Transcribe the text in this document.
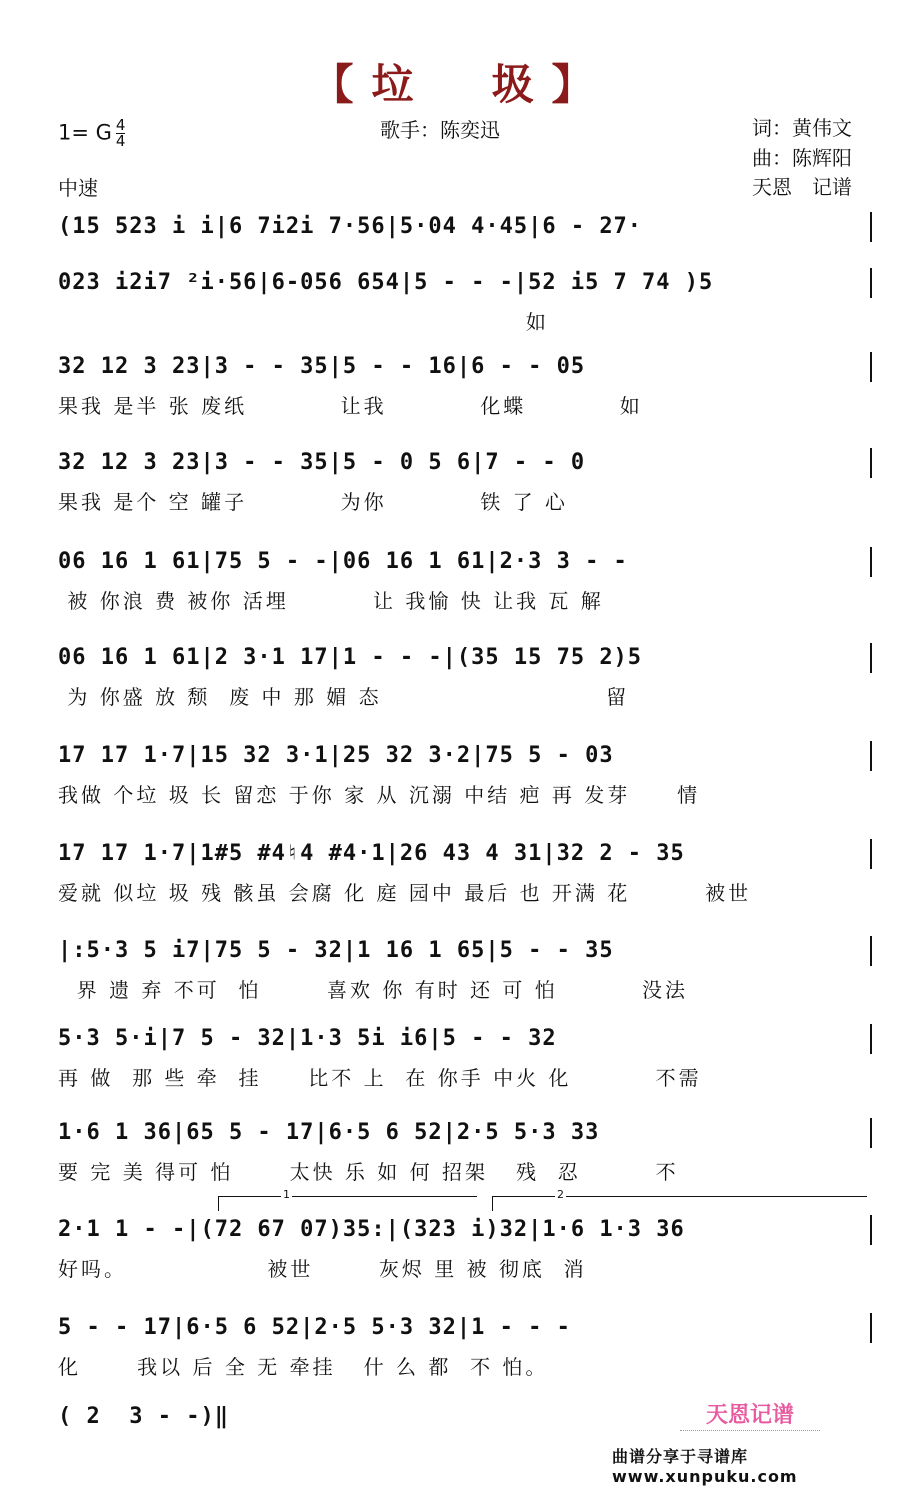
【垃　圾】
1= G $\frac{4}{4}$	歌手：陈奕迅	词：黄伟文
曲：陈辉阳
天恩　记谱
中速
(15 523 i i|6 7i2i 7·56|5·04 4·45|6 - 27·
023 i2i7 ²i·56|6-056 654|5 - - -|52 i5 7 74 )5
如
32 12 3 23|3 - - 35|5 - - 16|6 - - 05
果我 是半 张 废纸          让我          化蝶          如
32 12 3 23|3 - - 35|5 - 0 5 6|7 - - 0
果我 是个 空 罐子          为你          铁 了 心
06 16 1 61|75 5 - -|06 16 1 61|2·3 3 - -
被 你浪 费 被你 活埋         让 我愉 快 让我 瓦 解
06 16 1 61|2 3·1 17|1 - - -|(35 15 75 2)5
为 你盛 放 颓  废 中 那 媚 态                        留
17 17 1·7|15 32 3·1|25 32 3·2|75 5 - 03
我做 个垃 圾 长 留恋 于你 家 从 沉溺 中结 疤 再 发芽     情
17 17 1·7|1#5 #4♮4 #4·1|26 43 4 31|32 2 - 35
爱就 似垃 圾 残 骸虽 会腐 化 庭 园中 最后 也 开满 花        被世
|:5·3 5 i7|75 5 - 32|1 16 1 65|5 - - 35
界 遗 弃 不可  怕       喜欢 你 有时 还 可 怕         没法
5·3 5·i|7 5 - 32|1·3 5i i6|5 - - 32
再 做  那 些 牵  挂     比不 上  在 你手 中火 化         不需
1·6 1 36|65 5 - 17|6·5 6 52|2·5 5·3 33
要 完 美 得可 怕      太快 乐 如 何 招架   残  忍        不
1	2
2·1 1 - -|(72 67 07)35:|(323 i)32|1·6 1·3 36
好吗。               被世       灰烬 里 被 彻底  消
5 - - 17|6·5 6 52|2·5 5·3 32|1 - - -
化      我以 后 全 无 牵挂   什 么 都  不 怕。
( 2  3 - -)‖	天恩记谱
曲谱分享于寻谱库 www.xunpuku.com
